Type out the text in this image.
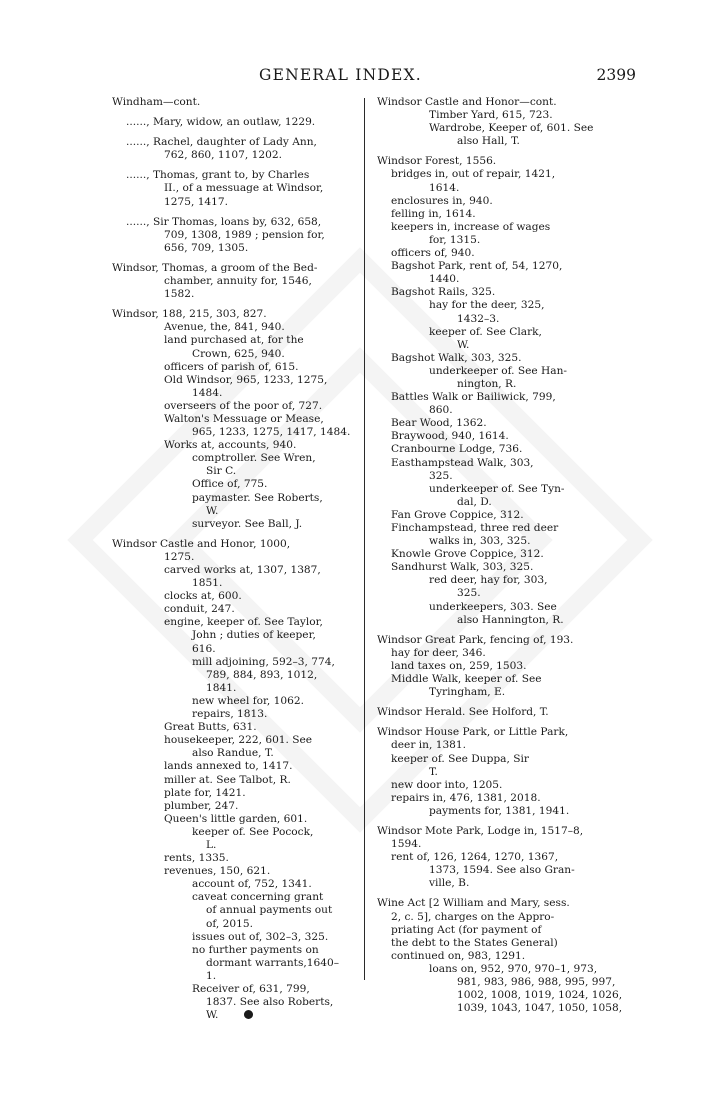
GENERAL INDEX.	2399
Windham—cont.
......, Mary, widow, an outlaw, 1229.
......, Rachel, daughter of Lady Ann,
762, 860, 1107, 1202.
......, Thomas, grant to, by Charles
II., of a messuage at Windsor,
1275, 1417.
......, Sir Thomas, loans by, 632, 658,
709, 1308, 1989 ; pension for,
656, 709, 1305.
Windsor, Thomas, a groom of the Bed-
chamber, annuity for, 1546,
1582.
Windsor, 188, 215, 303, 827.
Avenue, the, 841, 940.
land purchased at, for the
Crown, 625, 940.
officers of parish of, 615.
Old Windsor, 965, 1233, 1275,
1484.
overseers of the poor of, 727.
Walton's Messuage or Mease,
965, 1233, 1275, 1417, 1484.
Works at, accounts, 940.
comptroller. See Wren,
Sir C.
Office of, 775.
paymaster. See Roberts,
W.
surveyor. See Ball, J.
Windsor Castle and Honor, 1000,
1275.
carved works at, 1307, 1387,
1851.
clocks at, 600.
conduit, 247.
engine, keeper of. See Taylor,
John ; duties of keeper,
616.
mill adjoining, 592–3, 774,
789, 884, 893, 1012,
1841.
new wheel for, 1062.
repairs, 1813.
Great Butts, 631.
housekeeper, 222, 601. See
also Randue, T.
lands annexed to, 1417.
miller at. See Talbot, R.
plate for, 1421.
plumber, 247.
Queen's little garden, 601.
keeper of. See Pocock,
L.
rents, 1335.
revenues, 150, 621.
account of, 752, 1341.
caveat concerning grant
of annual payments out
of, 2015.
issues out of, 302–3, 325.
no further payments on
dormant warrants,1640–
1.
Receiver of, 631, 799,
1837. See also Roberts,
W.
Windsor Castle and Honor—cont.
Timber Yard, 615, 723.
Wardrobe, Keeper of, 601. See
also Hall, T.
Windsor Forest, 1556.
bridges in, out of repair, 1421,
1614.
enclosures in, 940.
felling in, 1614.
keepers in, increase of wages
for, 1315.
officers of, 940.
Bagshot Park, rent of, 54, 1270,
1440.
Bagshot Rails, 325.
hay for the deer, 325,
1432–3.
keeper of. See Clark,
W.
Bagshot Walk, 303, 325.
underkeeper of. See Han-
nington, R.
Battles Walk or Bailiwick, 799,
860.
Bear Wood, 1362.
Braywood, 940, 1614.
Cranbourne Lodge, 736.
Easthampstead Walk, 303,
325.
underkeeper of. See Tyn-
dal, D.
Fan Grove Coppice, 312.
Finchampstead, three red deer
walks in, 303, 325.
Knowle Grove Coppice, 312.
Sandhurst Walk, 303, 325.
red deer, hay for, 303,
325.
underkeepers, 303. See
also Hannington, R.
Windsor Great Park, fencing of, 193.
hay for deer, 346.
land taxes on, 259, 1503.
Middle Walk, keeper of. See
Tyringham, E.
Windsor Herald. See Holford, T.
Windsor House Park, or Little Park,
deer in, 1381.
keeper of. See Duppa, Sir
T.
new door into, 1205.
repairs in, 476, 1381, 2018.
payments for, 1381, 1941.
Windsor Mote Park, Lodge in, 1517–8,
1594.
rent of, 126, 1264, 1270, 1367,
1373, 1594. See also Gran-
ville, B.
Wine Act [2 William and Mary, sess.
2, c. 5], charges on the Appro-
priating Act (for payment of
the debt to the States General)
continued on, 983, 1291.
loans on, 952, 970, 970–1, 973,
981, 983, 986, 988, 995, 997,
1002, 1008, 1019, 1024, 1026,
1039, 1043, 1047, 1050, 1058,
